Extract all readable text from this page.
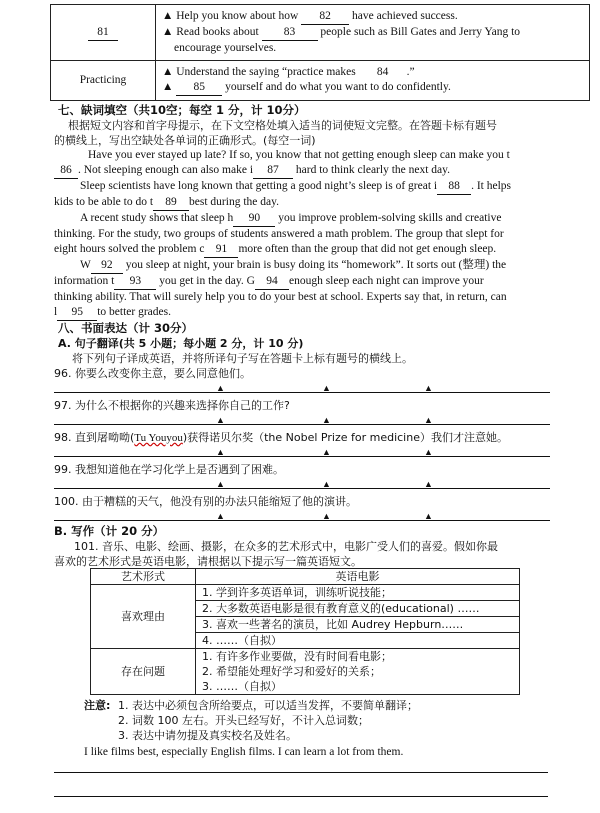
81	▲ Help you know about how 82 have achieved success.
▲ Read books about 83 people such as Bill Gates and Jerry Yang to
encourage yourselves.

Practicing	▲ Understand the saying “practice makes 84 .”
▲ 85 yourself and do what you want to do confidently.
七、缺词填空（共10空；每空 1 分，计 10分）
根据短文内容和首字母提示，在下文空格处填入适当的词使短文完整。在答题卡标有题号
的横线上，写出空缺处各单词的正确形式。(每空一词)
Have you ever stayed up late? If so, you know that not getting enough sleep can make you t
86 . Not sleeping enough can also make i 87 hard to think clearly the next day.
Sleep scientists have long known that getting a good night’s sleep is of great i 88 . It helps
kids to be able to do t 89 best during the day.
A recent study shows that sleep h 90 you improve problem-solving skills and creative
thinking. For the study, two groups of students answered a math problem. The group that slept for
eight hours solved the problem c 91 more often than the group that did not get enough sleep.
W 92 you sleep at night, your brain is busy doing its “homework”. It sorts out (整理) the
information t 93 you get in the day. G 94 enough sleep each night can improve your
thinking ability. That will surely help you to do your best at school. Experts say that, in return, can
l 95 to better grades.
八、书面表达（计 30分）
A. 句子翻译(共 5 小题；每小题 2 分，计 10 分)
将下列句子译成英语，并将所译句子写在答题卡上标有题号的横线上。
96. 你要么改变你主意，要么同意他们。
▲	▲	▲
97. 为什么不根据你的兴趣来选择你自己的工作?
▲	▲	▲
98. 直到屠呦呦(Tu Youyou)获得诺贝尔奖（the Nobel Prize for medicine）我们才注意她。
▲	▲	▲
99. 我想知道他在学习化学上是否遇到了困难。
▲	▲	▲
100. 由于糟糕的天气，他没有别的办法只能缩短了他的演讲。
▲	▲	▲
B. 写作（计 20 分）
101. 音乐、电影、绘画、摄影，在众多的艺术形式中，电影广受人们的喜爱。假如你最
喜欢的艺术形式是英语电影，请根据以下提示写一篇英语短文。
艺术形式	英语电影
喜欢理由	1. 学到许多英语单词，训练听说技能；
	2. 大多数英语电影是很有教育意义的(educational) ……
	3. 喜欢一些著名的演员，比如 Audrey Hepburn……
	4. ……（自拟）
存在问题	1. 有许多作业要做，没有时间看电影；
2. 希望能处理好学习和爱好的关系；
3. ……（自拟）
注意: 1. 表达中必须包含所给要点，可以适当发挥，不要简单翻译；
2. 词数 100 左右。开头已经写好，不计入总词数；
3. 表达中请勿提及真实校名及姓名。
I like films best, especially English films. I can learn a lot from them.
